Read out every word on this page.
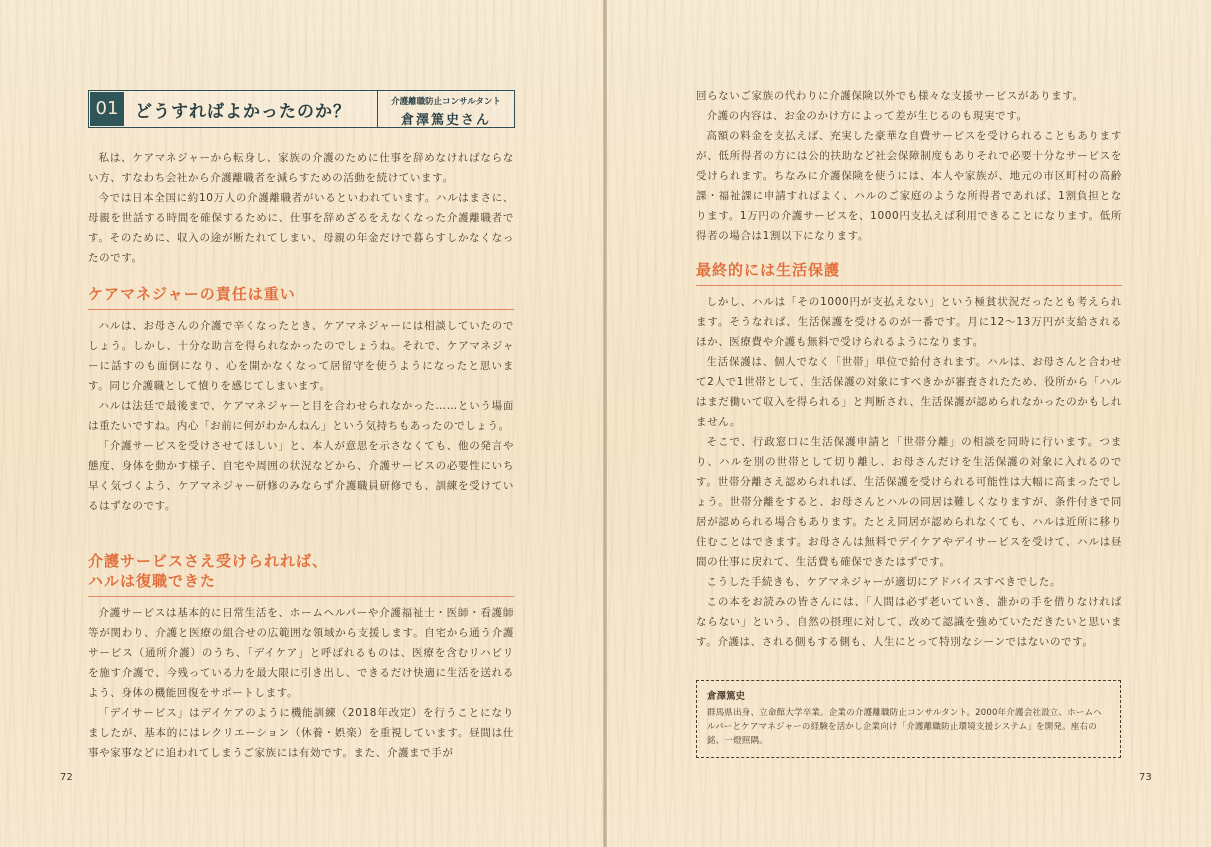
01 どうすればよかったのか？	介護離職防止コンサルタント
倉澤篤史さん

私は、ケアマネジャーから転身し、家族の介護のために仕事を辞めなければならない方、すなわち会社から介護離職者を減らすための活動を続けています。

今では日本全国に約10万人の介護離職者がいるといわれています。ハルはまさに、母親を世話する時間を確保するために、仕事を辞めざるをえなくなった介護離職者です。そのために、収入の途が断たれてしまい、母親の年金だけで暮らすしかなくなったのです。

ケアマネジャーの責任は重い

ハルは、お母さんの介護で辛くなったとき、ケアマネジャーには相談していたのでしょう。しかし、十分な助言を得られなかったのでしょうね。それで、ケアマネジャーに話すのも面倒になり、心を開かなくなって居留守を使うようになったと思います。同じ介護職として憤りを感じてしまいます。

ハルは法廷で最後まで、ケアマネジャーと目を合わせられなかった……という場面は重たいですね。内心「お前に何がわかんねん」という気持ちもあったのでしょう。

「介護サービスを受けさせてほしい」と、本人が意思を示さなくても、他の発言や態度、身体を動かす様子、自宅や周囲の状況などから、介護サービスの必要性にいち早く気づくよう、ケアマネジャー研修のみならず介護職員研修でも、訓練を受けているはずなのです。

介護サービスさえ受けられれば、
ハルは復職できた

介護サービスは基本的に日常生活を、ホームヘルパーや介護福祉士・医師・看護師等が関わり、介護と医療の組合せの広範囲な領域から支援します。自宅から通う介護サービス（通所介護）のうち、「デイケア」と呼ばれるものは、医療を含むリハビリを施す介護で、今残っている力を最大限に引き出し、できるだけ快適に生活を送れるよう、身体の機能回復をサポートします。

「デイサービス」はデイケアのように機能訓練（2018年改定）を行うことになりましたが、基本的にはレクリエーション（休養・娯楽）を重視しています。昼間は仕事や家事などに追われてしまうご家族には有効です。また、介護まで手が

72	73

回らないご家族の代わりに介護保険以外でも様々な支援サービスがあります。

介護の内容は、お金のかけ方によって差が生じるのも現実です。

高額の料金を支払えば、充実した豪華な自費サービスを受けられることもありますが、低所得者の方には公的扶助など社会保障制度もありそれで必要十分なサービスを受けられます。ちなみに介護保険を使うには、本人や家族が、地元の市区町村の高齢課・福祉課に申請すればよく、ハルのご家庭のような所得者であれば、1割負担となります。1万円の介護サービスを、1000円支払えば利用できることになります。低所得者の場合は1割以下になります。

最終的には生活保護

しかし、ハルは「その1000円が支払えない」という極貧状況だったとも考えられます。そうなれば、生活保護を受けるのが一番です。月に12〜13万円が支給されるほか、医療費や介護も無料で受けられるようになります。

生活保護は、個人でなく「世帯」単位で給付されます。ハルは、お母さんと合わせて2人で1世帯として、生活保護の対象にすべきかが審査されたため、役所から「ハルはまだ働いて収入を得られる」と判断され、生活保護が認められなかったのかもしれません。

そこで、行政窓口に生活保護申請と「世帯分離」の相談を同時に行います。つまり、ハルを別の世帯として切り離し、お母さんだけを生活保護の対象に入れるのです。世帯分離さえ認められれば、生活保護を受けられる可能性は大幅に高まったでしょう。世帯分離をすると、お母さんとハルの同居は難しくなりますが、条件付きで同居が認められる場合もあります。たとえ同居が認められなくても、ハルは近所に移り住むことはできます。お母さんは無料でデイケアやデイサービスを受けて、ハルは昼間の仕事に戻れて、生活費も確保できたはずです。

こうした手続きも、ケアマネジャーが適切にアドバイスすべきでした。

この本をお読みの皆さんには、「人間は必ず老いていき、誰かの手を借りなければならない」という、自然の摂理に対して、改めて認識を強めていただきたいと思います。介護は、される側もする側も、人生にとって特別なシーンではないのです。

倉澤篤史
群馬県出身、立命館大学卒業。企業の介護離職防止コンサルタント。2000年介護会社設立、ホームヘルパーとケアマネジャーの経験を活かし企業向け「介護離職防止環境支援システム」を開発。座右の銘、一燈照隅。
